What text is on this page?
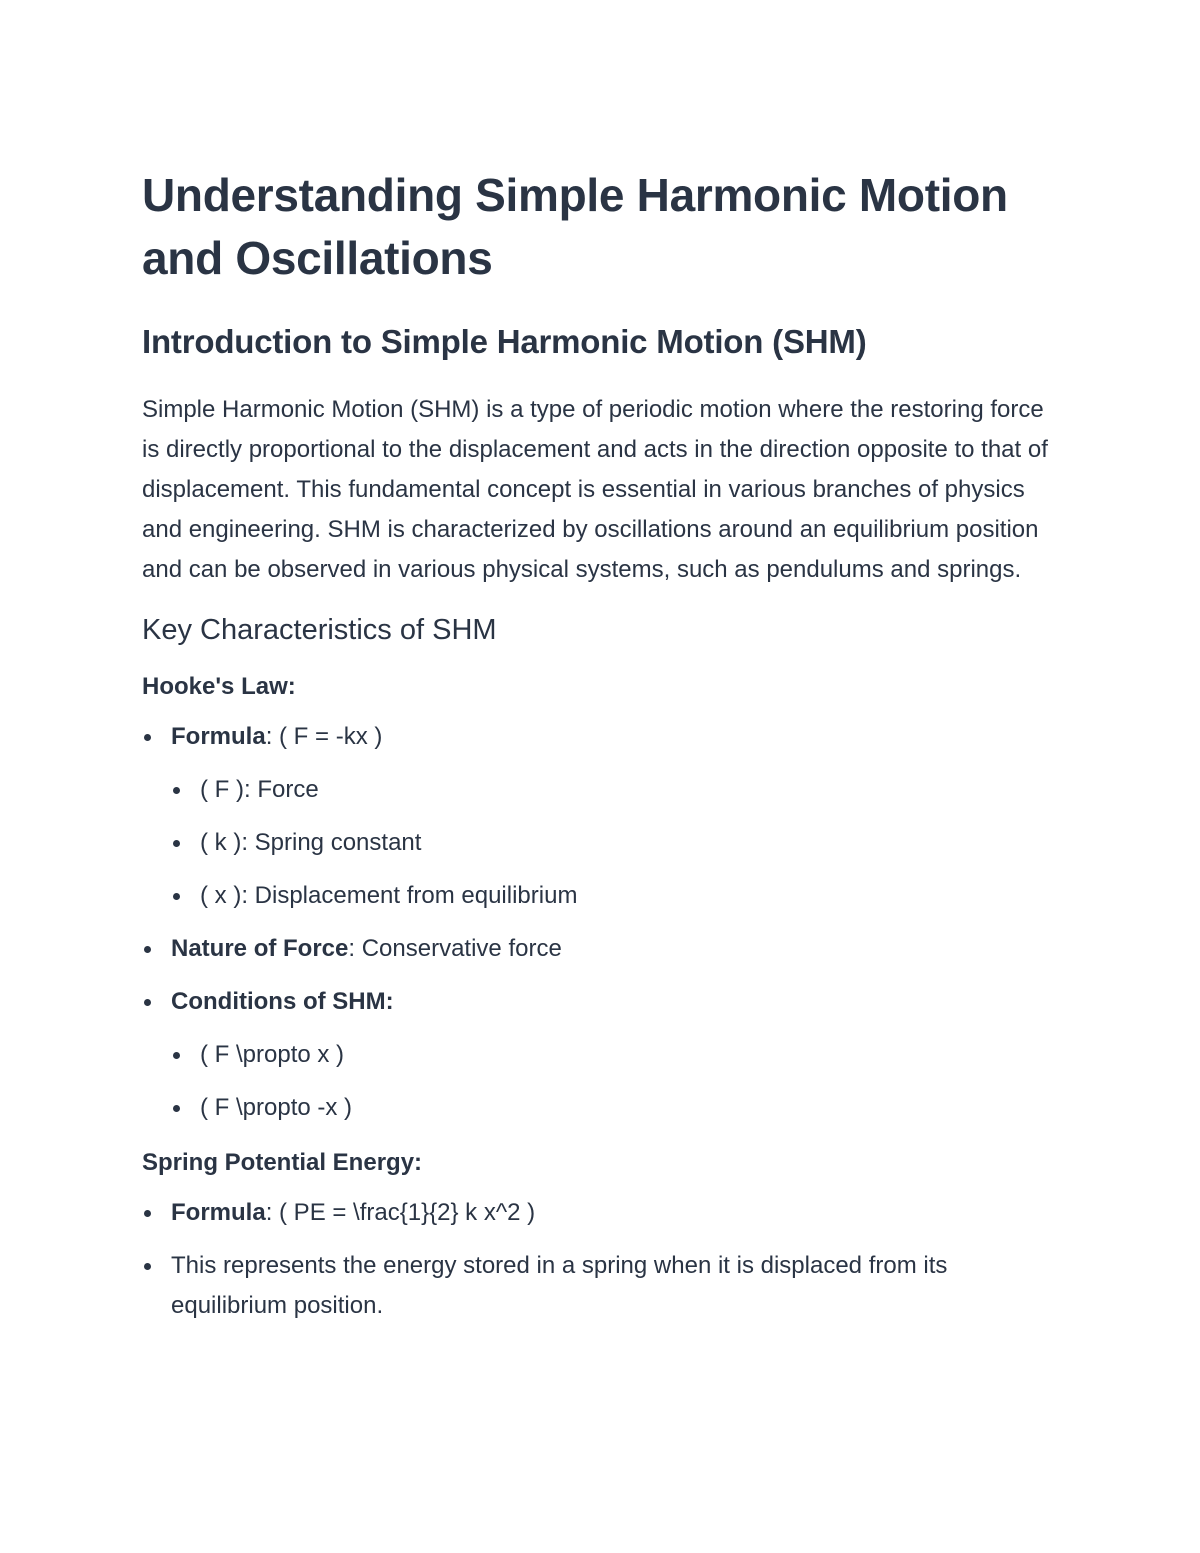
Understanding Simple Harmonic Motion and Oscillations
Introduction to Simple Harmonic Motion (SHM)

Simple Harmonic Motion (SHM) is a type of periodic motion where the restoring force is directly proportional to the displacement and acts in the direction opposite to that of displacement. This fundamental concept is essential in various branches of physics and engineering. SHM is characterized by oscillations around an equilibrium position and can be observed in various physical systems, such as pendulums and springs.

Key Characteristics of SHM
Hooke's Law:
Formula: ( F = -kx )
( F ): Force
( k ): Spring constant
( x ): Displacement from equilibrium
Nature of Force: Conservative force
Conditions of SHM:
( F \propto x )
( F \propto -x )
Spring Potential Energy:
Formula: ( PE = \frac{1}{2} k x^2 )
This represents the energy stored in a spring when it is displaced from its equilibrium position.
